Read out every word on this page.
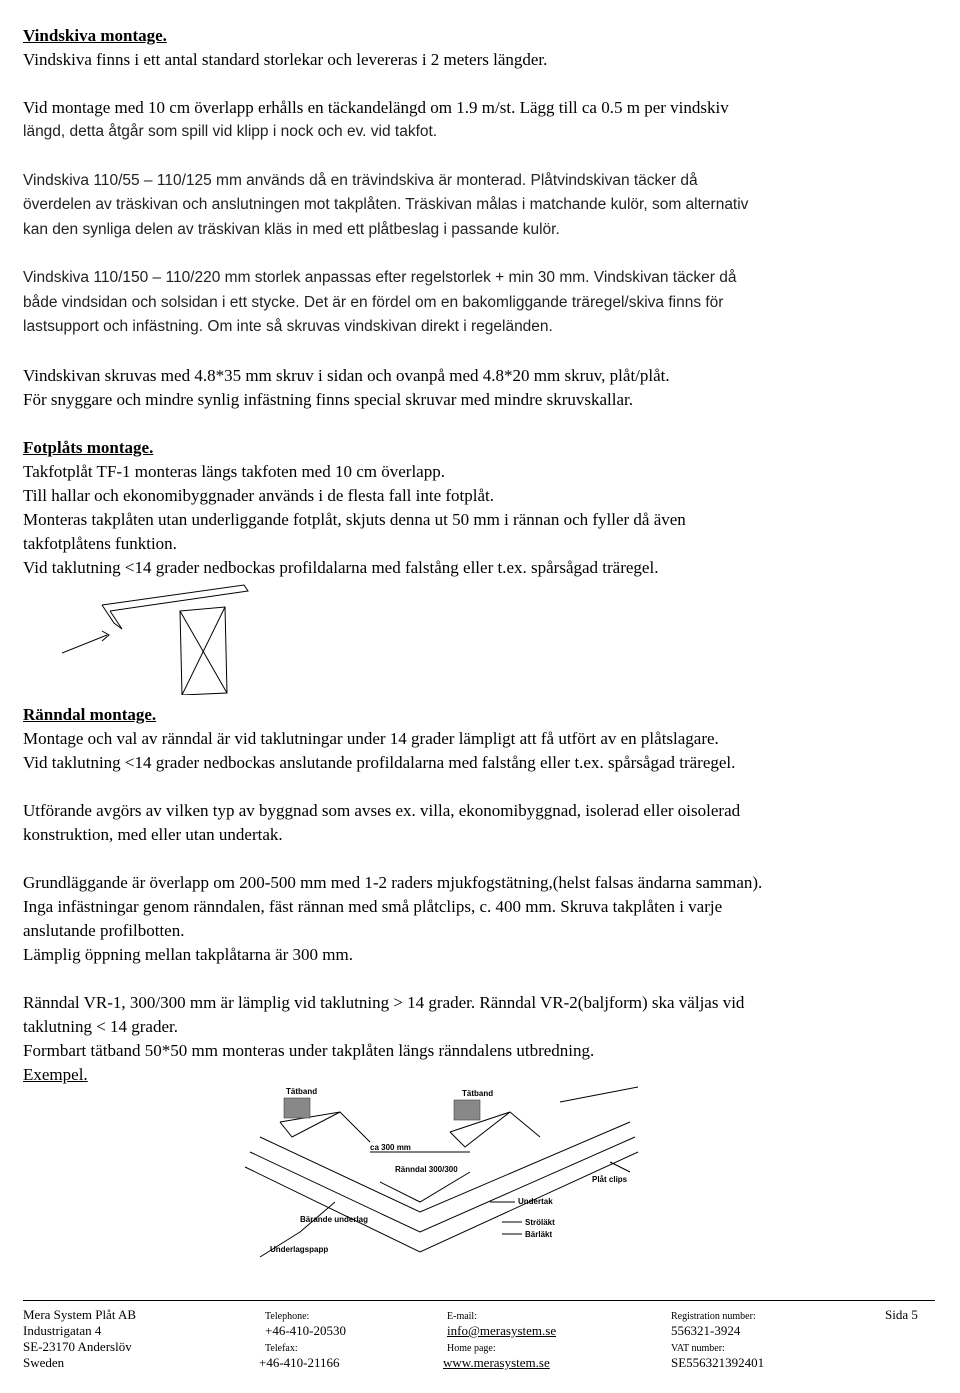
Vindskiva montage.
Vindskiva finns i ett antal standard storlekar och levereras i 2 meters längder.
Vid montage med 10 cm överlapp erhålls en täckandelängd om 1.9 m/st. Lägg till ca 0.5 m per vindskiv
längd, detta åtgår som spill vid klipp i nock och ev. vid takfot.
Vindskiva 110/55 – 110/125 mm används då en trävindskiva är monterad. Plåtvindskivan täcker då
överdelen av träskivan och anslutningen mot takplåten. Träskivan målas i matchande kulör, som alternativ
kan den synliga delen av träskivan kläs in med ett plåtbeslag i passande kulör.
Vindskiva 110/150 – 110/220 mm storlek anpassas efter regelstorlek + min 30 mm. Vindskivan täcker då
både vindsidan och solsidan i ett stycke. Det är en fördel om en bakomliggande träregel/skiva finns för
lastsupport och infästning. Om inte så skruvas vindskivan direkt i regeländen.
Vindskivan skruvas med 4.8*35 mm skruv i sidan och ovanpå med 4.8*20 mm skruv, plåt/plåt.
För snyggare och mindre synlig infästning finns special skruvar med mindre skruvskallar.
Fotplåts montage.
Takfotplåt TF-1 monteras längs takfoten med 10 cm överlapp.
Till hallar och ekonomibyggnader används i de flesta fall inte fotplåt.
Monteras takplåten utan underliggande fotplåt, skjuts denna ut 50 mm i rännan och fyller då även
takfotplåtens funktion.
Vid taklutning <14 grader nedbockas profildalarna med falstång eller t.ex. spårsågad träregel.
Ränndal montage.
Montage och val av ränndal är vid taklutningar under 14 grader lämpligt att få utfört av en plåtslagare.
Vid taklutning <14 grader nedbockas anslutande profildalarna med falstång eller t.ex. spårsågad träregel.
Utförande avgörs av vilken typ av byggnad som avses ex. villa, ekonomibyggnad, isolerad eller oisolerad
konstruktion, med eller utan undertak.
Grundläggande är överlapp om 200-500 mm med 1-2 raders mjukfogstätning,(helst falsas ändarna samman).
Inga infästningar genom ränndalen, fäst rännan med små plåtclips, c. 400 mm. Skruva takplåten i varje
anslutande profilbotten.
Lämplig öppning mellan takplåtarna är 300 mm.
Ränndal VR-1, 300/300 mm är lämplig vid taklutning > 14 grader. Ränndal VR-2(baljform) ska väljas vid
taklutning < 14 grader.
Formbart tätband 50*50 mm monteras under takplåten längs ränndalens utbredning.
Exempel.
Tätband	Tätband
ca 300 mm
Ränndal 300/300
Plåt clips
Undertak
Ströläkt
Bärläkt
Bärande underlag
Underlagspapp
Mera System Plåt AB
Industrigatan 4
SE-23170 Anderslöv
Sweden
Telephone:
+46-410-20530
Telefax:
+46-410-21166
E-mail:
info@merasystem.se
Home page:
www.merasystem.se
Registration number:
556321-3924
VAT number:
SE556321392401
Sida 5
